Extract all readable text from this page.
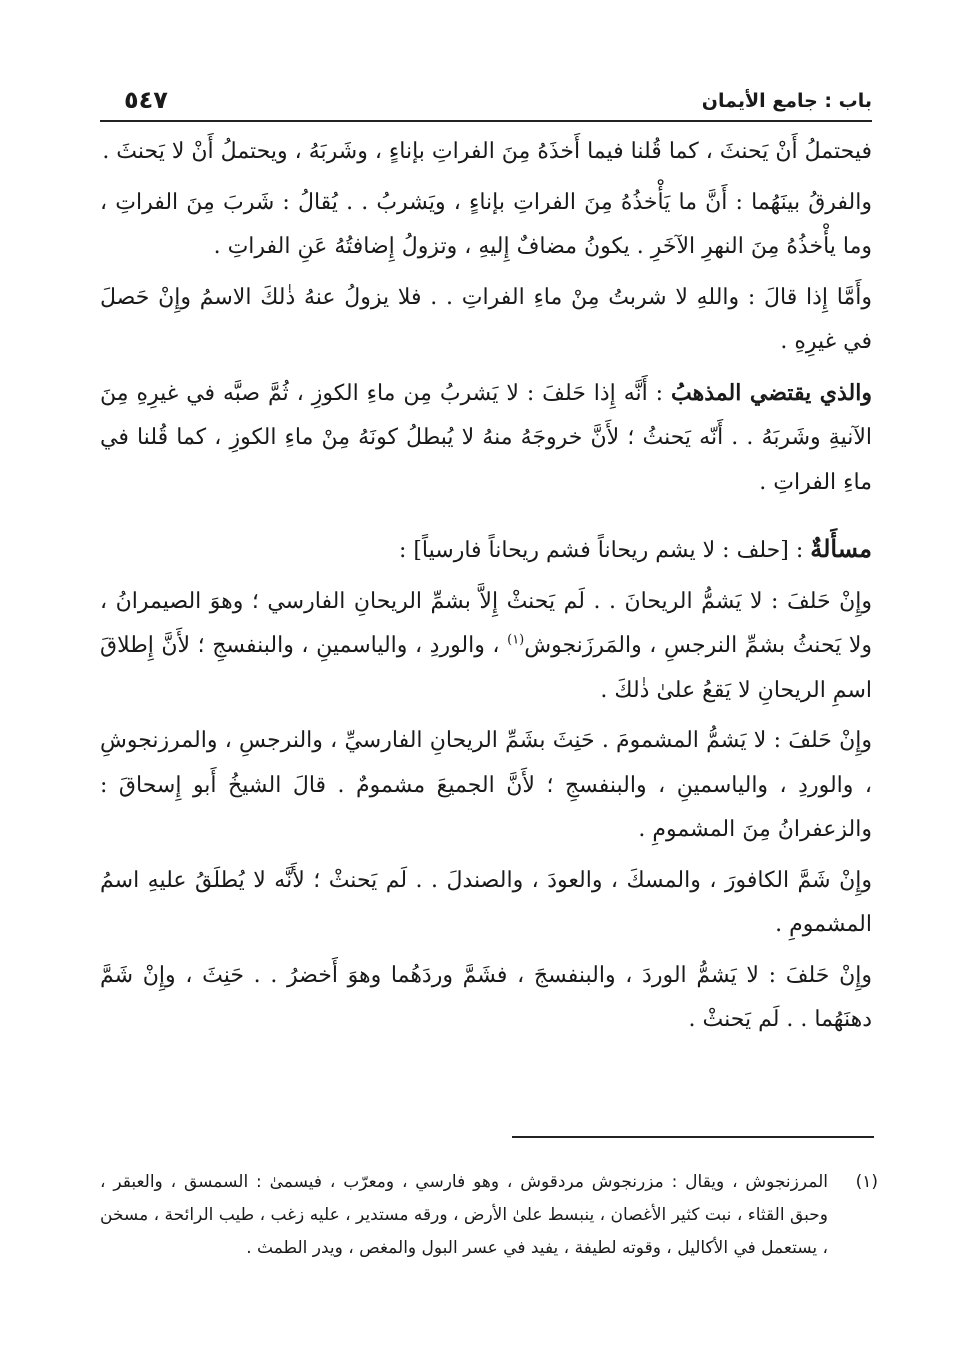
باب : جامع الأيمان
٥٤٧

فيحتملُ أَنْ يَحنثَ ، كما قُلنا فيما أَخذَهُ مِنَ الفراتِ بإناءٍ ، وشَربَهُ ، ويحتملُ أَنْ لا يَحنثَ .

والفرقُ بينَهُما : أَنَّ ما يَأْخذُهُ مِنَ الفراتِ بإناءٍ ، ويَشربُ . . يُقالُ : شَربَ مِنَ الفراتِ ، وما يأْخذُهُ مِنَ النهرِ الآخَرِ . يكونُ مضافٌ إِليهِ ، وتزولُ إِضافتُهُ عَنِ الفراتِ .

وأَمَّا إِذا قالَ : واللهِ لا شربتُ مِنْ ماءِ الفراتِ . . فلا يزولُ عنهُ ذٰلكَ الاسمُ وإِنْ حَصلَ في غيرِهِ .

والذي يقتضي المذهبُ : أَنَّه إِذا حَلفَ : لا يَشربُ مِن ماءِ الكوزِ ، ثُمَّ صبَّه في غيرِهِ مِنَ الآنيةِ وشَربَهُ . . أَنّه يَحنثُ ؛ لأَنَّ خروجَهُ منهُ لا يُبطلُ كونَهُ مِنْ ماءِ الكوزِ ، كما قُلنا في ماءِ الفراتِ .

مسأَلةٌ : [حلف : لا يشم ريحاناً فشم ريحاناً فارسياً] :

وإِنْ حَلفَ : لا يَشمُّ الريحانَ . . لَم يَحنثْ إِلاَّ بشمِّ الريحانِ الفارسي ؛ وهوَ الصيمرانُ ، ولا يَحنثُ بشمِّ النرجسِ ، والمَرزَنجوش$^{(١)}$ ، والوردِ ، والياسمينِ ، والبنفسجِ ؛ لأَنَّ إِطلاقَ اسمِ الريحانِ لا يَقعُ علىٰ ذٰلكَ .

وإِنْ حَلفَ : لا يَشمُّ المشمومَ . حَنِثَ بشَمِّ الريحانِ الفارسيِّ ، والنرجسِ ، والمرزنجوشِ ، والوردِ ، والياسمينِ ، والبنفسجِ ؛ لأَنَّ الجميعَ مشمومٌ . قالَ الشيخُ أَبو إِسحاقَ : والزعفرانُ مِنَ المشمومِ .

وإِنْ شَمَّ الكافورَ ، والمسكَ ، والعودَ ، والصندلَ . . لَم يَحنثْ ؛ لأَنَّه لا يُطلَقُ عليهِ اسمُ المشمومِ .

وإِنْ حَلفَ : لا يَشمُّ الوردَ ، والبنفسجَ ، فشَمَّ وردَهُما وهوَ أَخضرُ . . حَنِثَ ، وإِنْ شَمَّ دهنَهُما . . لَم يَحنثْ .

(١)
المرزنجوش ، ويقال : مزرنجوش مردقوش ، وهو فارسي ، ومعرّب ، فيسمىٰ : السمسق ، والعبقر ، وحبق القثاء ، نبت كثير الأغصان ، ينبسط علىٰ الأرض ، ورقه مستدير ، عليه زغب ، طيب الرائحة ، مسخن ، يستعمل في الأكاليل ، وقوته لطيفة ، يفيد في عسر البول والمغص ، ويدر الطمث .
